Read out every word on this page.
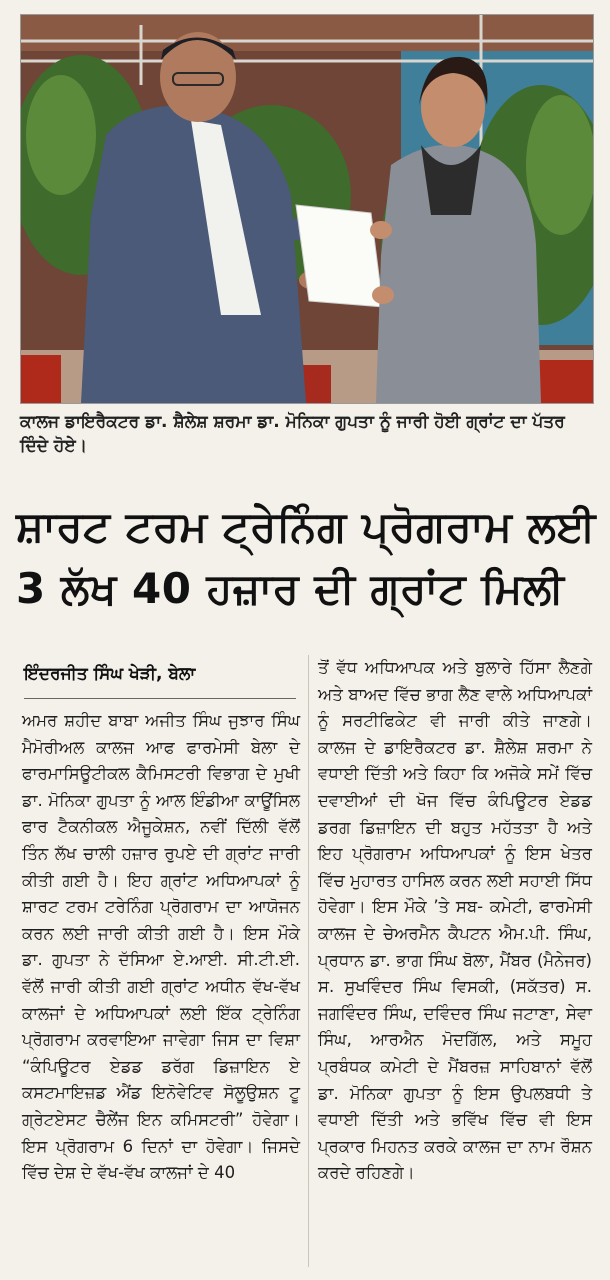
ਕਾਲਜ ਡਾਇਰੈਕਟਰ ਡਾ. ਸ਼ੈਲੇਸ਼ ਸ਼ਰਮਾ ਡਾ. ਮੋਨਿਕਾ ਗੁਪਤਾ ਨੂੰ ਜਾਰੀ ਹੋਈ ਗ੍ਰਾਂਟ ਦਾ ਪੱਤਰ ਦਿੰਦੇ ਹੋਏ।
ਸ਼ਾਰਟ ਟਰਮ ਟ੍ਰੇਨਿੰਗ ਪ੍ਰੋਗਰਾਮ ਲਈ
3 ਲੱਖ 40 ਹਜ਼ਾਰ ਦੀ ਗ੍ਰਾਂਟ ਮਿਲੀ
ਇੰਦਰਜੀਤ ਸਿੰਘ ਖੇੜੀ, ਬੇਲਾ
ਅਮਰ ਸ਼ਹੀਦ ਬਾਬਾ ਅਜੀਤ ਸਿੰਘ ਜੁਝਾਰ ਸਿੰਘ ਮੈਮੋਰੀਅਲ ਕਾਲਜ ਆਫ ਫਾਰਮੇਸੀ ਬੇਲਾ ਦੇ ਫਾਰਮਾਸਿਊਟੀਕਲ ਕੈਮਿਸਟਰੀ ਵਿਭਾਗ ਦੇ ਮੁਖੀ ਡਾ. ਮੋਨਿਕਾ ਗੁਪਤਾ ਨੂੰ ਆਲ ਇੰਡੀਆ ਕਾਊਂਸਿਲ ਫਾਰ ਟੈਕਨੀਕਲ ਐਜੂਕੇਸ਼ਨ, ਨਵੀਂ ਦਿੱਲੀ ਵੱਲੋਂ ਤਿੰਨ ਲੱਖ ਚਾਲੀ ਹਜ਼ਾਰ ਰੁਪਏ ਦੀ ਗ੍ਰਾਂਟ ਜਾਰੀ ਕੀਤੀ ਗਈ ਹੈ। ਇਹ ਗ੍ਰਾਂਟ ਅਧਿਆਪਕਾਂ ਨੂੰ ਸ਼ਾਰਟ ਟਰਮ ਟਰੇਨਿੰਗ ਪ੍ਰੋਗਰਾਮ ਦਾ ਆਯੋਜਨ ਕਰਨ ਲਈ ਜਾਰੀ ਕੀਤੀ ਗਈ ਹੈ। ਇਸ ਮੌਕੇ ਡਾ. ਗੁਪਤਾ ਨੇ ਦੱਸਿਆ ਏ.ਆਈ. ਸੀ.ਟੀ.ਈ. ਵੱਲੋਂ ਜਾਰੀ ਕੀਤੀ ਗਈ ਗ੍ਰਾਂਟ ਅਧੀਨ ਵੱਖ-ਵੱਖ ਕਾਲਜਾਂ ਦੇ ਅਧਿਆਪਕਾਂ ਲਈ ਇੱਕ ਟ੍ਰੇਨਿੰਗ ਪ੍ਰੋਗਰਾਮ ਕਰਵਾਇਆ ਜਾਵੇਗਾ ਜਿਸ ਦਾ ਵਿਸ਼ਾ “ਕੰਪਿਊਟਰ ਏਡਡ ਡਰੱਗ ਡਿਜ਼ਾਇਨ ਏ ਕਸਟਮਾਇਜ਼ਡ ਐਂਡ ਇਨੋਵੇਟਿਵ ਸੋਲੂਉਸ਼ਨ ਟੂ ਗ੍ਰੇਟਏਸਟ ਚੈਲੇਂਜ ਇਨ ਕਮਿਸਟਰੀ” ਹੋਵੇਗਾ। ਇਸ ਪ੍ਰੋਗਰਾਮ 6 ਦਿਨਾਂ ਦਾ ਹੋਵੇਗਾ। ਜਿਸਦੇ ਵਿੱਚ ਦੇਸ਼ ਦੇ ਵੱਖ-ਵੱਖ ਕਾਲਜਾਂ ਦੇ 40
ਤੋਂ ਵੱਧ ਅਧਿਆਪਕ ਅਤੇ ਬੁਲਾਰੇ ਹਿੱਸਾ ਲੈਣਗੇ ਅਤੇ ਬਾਅਦ ਵਿੱਚ ਭਾਗ ਲੈਣ ਵਾਲੇ ਅਧਿਆਪਕਾਂ ਨੂੰ ਸਰਟੀਫਿਕੇਟ ਵੀ ਜਾਰੀ ਕੀਤੇ ਜਾਣਗੇ। ਕਾਲਜ ਦੇ ਡਾਇਰੈਕਟਰ ਡਾ. ਸ਼ੈਲੇਸ਼ ਸ਼ਰਮਾ ਨੇ ਵਧਾਈ ਦਿੱਤੀ ਅਤੇ ਕਿਹਾ ਕਿ ਅਜੋਕੇ ਸਮੇਂ ਵਿੱਚ ਦਵਾਈਆਂ ਦੀ ਖੋਜ ਵਿੱਚ ਕੰਪਿਊਟਰ ਏਡਡ ਡਰਗ ਡਿਜ਼ਾਇਨ ਦੀ ਬਹੁਤ ਮਹੱਤਤਾ ਹੈ ਅਤੇ ਇਹ ਪ੍ਰੋਗਰਾਮ ਅਧਿਆਪਕਾਂ ਨੂੰ ਇਸ ਖੇਤਰ ਵਿੱਚ ਮੁਹਾਰਤ ਹਾਸਿਲ ਕਰਨ ਲਈ ਸਹਾਈ ਸਿੱਧ ਹੋਵੇਗਾ। ਇਸ ਮੌਕੇ ’ਤੇ ਸਬ- ਕਮੇਟੀ, ਫਾਰਮੇਸੀ ਕਾਲਜ ਦੇ ਚੇਅਰਮੈਨ ਕੈਪਟਨ ਐਮ.ਪੀ. ਸਿੰਘ, ਪ੍ਰਧਾਨ ਡਾ. ਭਾਗ ਸਿੰਘ ਬੋਲਾ, ਮੈਂਬਰ (ਮੈਨੇਜਰ) ਸ. ਸੁਖਵਿੰਦਰ ਸਿੰਘ ਵਿਸਕੀ, (ਸਕੱਤਰ) ਸ. ਜਗਵਿੰਦਰ ਸਿੰਘ, ਦਵਿੰਦਰ ਸਿੰਘ ਜਟਾਣਾ, ਸੇਵਾ ਸਿੰਘ, ਆਰਐਨ ਮੋਦਗਿੱਲ, ਅਤੇ ਸਮੂਹ ਪ੍ਰਬੰਧਕ ਕਮੇਟੀ ਦੇ ਮੈਂਬਰਜ਼ ਸਾਹਿਬਾਨਾਂ ਵੱਲੋਂ ਡਾ. ਮੋਨਿਕਾ ਗੁਪਤਾ ਨੂੰ ਇਸ ਉਪਲਬਧੀ ਤੇ ਵਧਾਈ ਦਿੱਤੀ ਅਤੇ ਭਵਿੱਖ ਵਿੱਚ ਵੀ ਇਸ ਪ੍ਰਕਾਰ ਮਿਹਨਤ ਕਰਕੇ ਕਾਲਜ ਦਾ ਨਾਮ ਰੌਸ਼ਨ ਕਰਦੇ ਰਹਿਣਗੇ।
